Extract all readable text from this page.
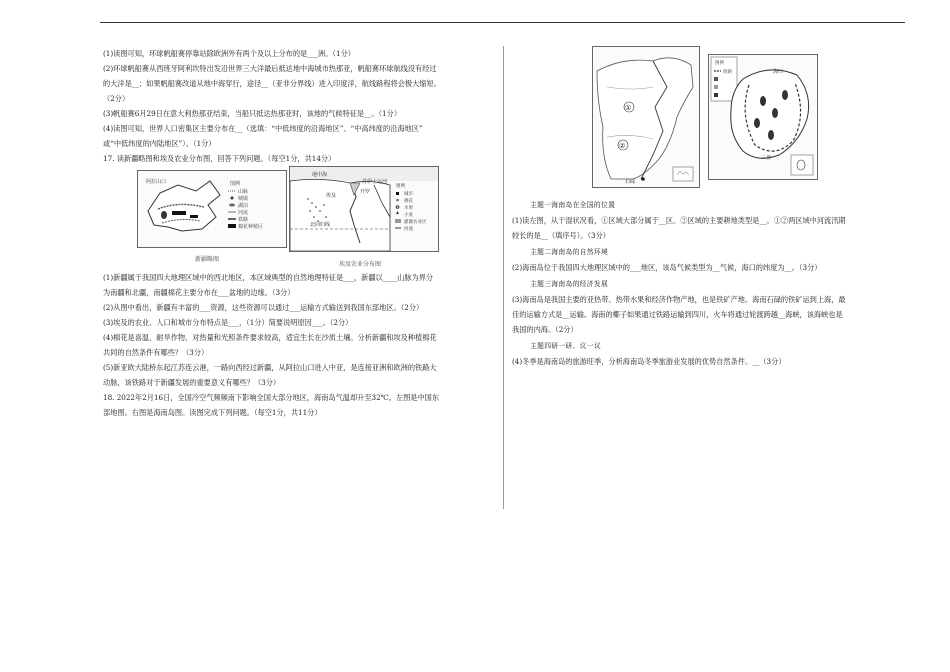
(1)读图可知，环球帆船赛停靠站除欧洲外有两个及以上分布的是___洲。（1分）

(2)环球帆船赛从西班牙阿利坎特出发沿世界三大洋最后抵达地中海城市热那亚，帆船赛环球航线没有经过

的大洋是__；如果帆船赛改道从地中海穿行，途径__（亚非分界线）进入印度洋，航线路程将会极大缩短。

（2分）

(3)帆船赛6月29日在意大利热那亚结束，当船只抵达热那亚时，该地的气候特征是__。（1分）

(4)读图可知，世界人口密集区主要分布在__（选填：“中低纬度的沿海地区”、“中高纬度的沿海地区”

或“中低纬度的内陆地区”）。（1分）

17. 读新疆略图和埃及农业分布图，回答下列问题。（每空1分，共14分）

阿拉山口	图例
山脉
城镇
湖泊
河流
铁路
棉花种植区
新疆略图
地中海
埃及
北回归线
开罗
苏伊士运河
图例
城市
棉花
水果
小麦
灌溉农业区
河流
埃及农业分布图

(1)新疆属于我国四大地理区域中的西北地区，本区域典型的自然地理特征是___，新疆以____山脉为界分

为南疆和北疆，南疆棉花主要分布在___盆地的边缘。（3分）

(2)从图中看出，新疆有丰富的___资源，这些资源可以通过___运输方式输送到我国东部地区。（2分）

(3)埃及的农业、人口和城市分布特点是___，（1分）简要说明原因___。（2分）

(4)棉花是喜温、耐旱作物，对热量和光照条件要求较高，适宜生长在沙质土壤。分析新疆和埃及种植棉花

共同的自然条件有哪些？（3分）

(5)新亚欧大陆桥东起江苏连云港，一路向西经过新疆，从阿拉山口进入中亚，是连接亚洲和欧洲的铁路大

动脉，该铁路对于新疆发展的重要意义有哪些？（3分）

18. 2022年2月16日，全国冷空气频频南下影响全国大部分地区，海南岛气温却升至32℃。左图是中国东

部地图。右图是海南岛图。读图完成下列问题。（每空1分，共11分）

①
②
石碌
图例
铁路	海口
三亚

主题一海南岛在全国的位置

(1)读左图，从干湿状况看，①区域大部分属于__区。②区域的主要耕地类型是__。①②两区域中河流汛期

较长的是__（填序号）。（3分）

主题二海南岛的自然环境

(2)海南岛位于我国四大地理区域中的___地区，该岛气候类型为__气候，海口的纬度为__。（3分）

主题三海南岛的经济发展

(3)海南岛是我国主要的亚热带、热带水果和经济作物产地，也是铁矿产地。海南石碌的铁矿运到上海，最

佳的运输方式是__运输。海南的椰子如果通过铁路运输到四川，火车将通过轮渡跨越__海峡，该海峡也是

我国的内海。（2分）

主题四研一研、议一议

(4)冬季是海南岛的旅游旺季，分析海南岛冬季旅游业发展的优势自然条件。__（3分）
